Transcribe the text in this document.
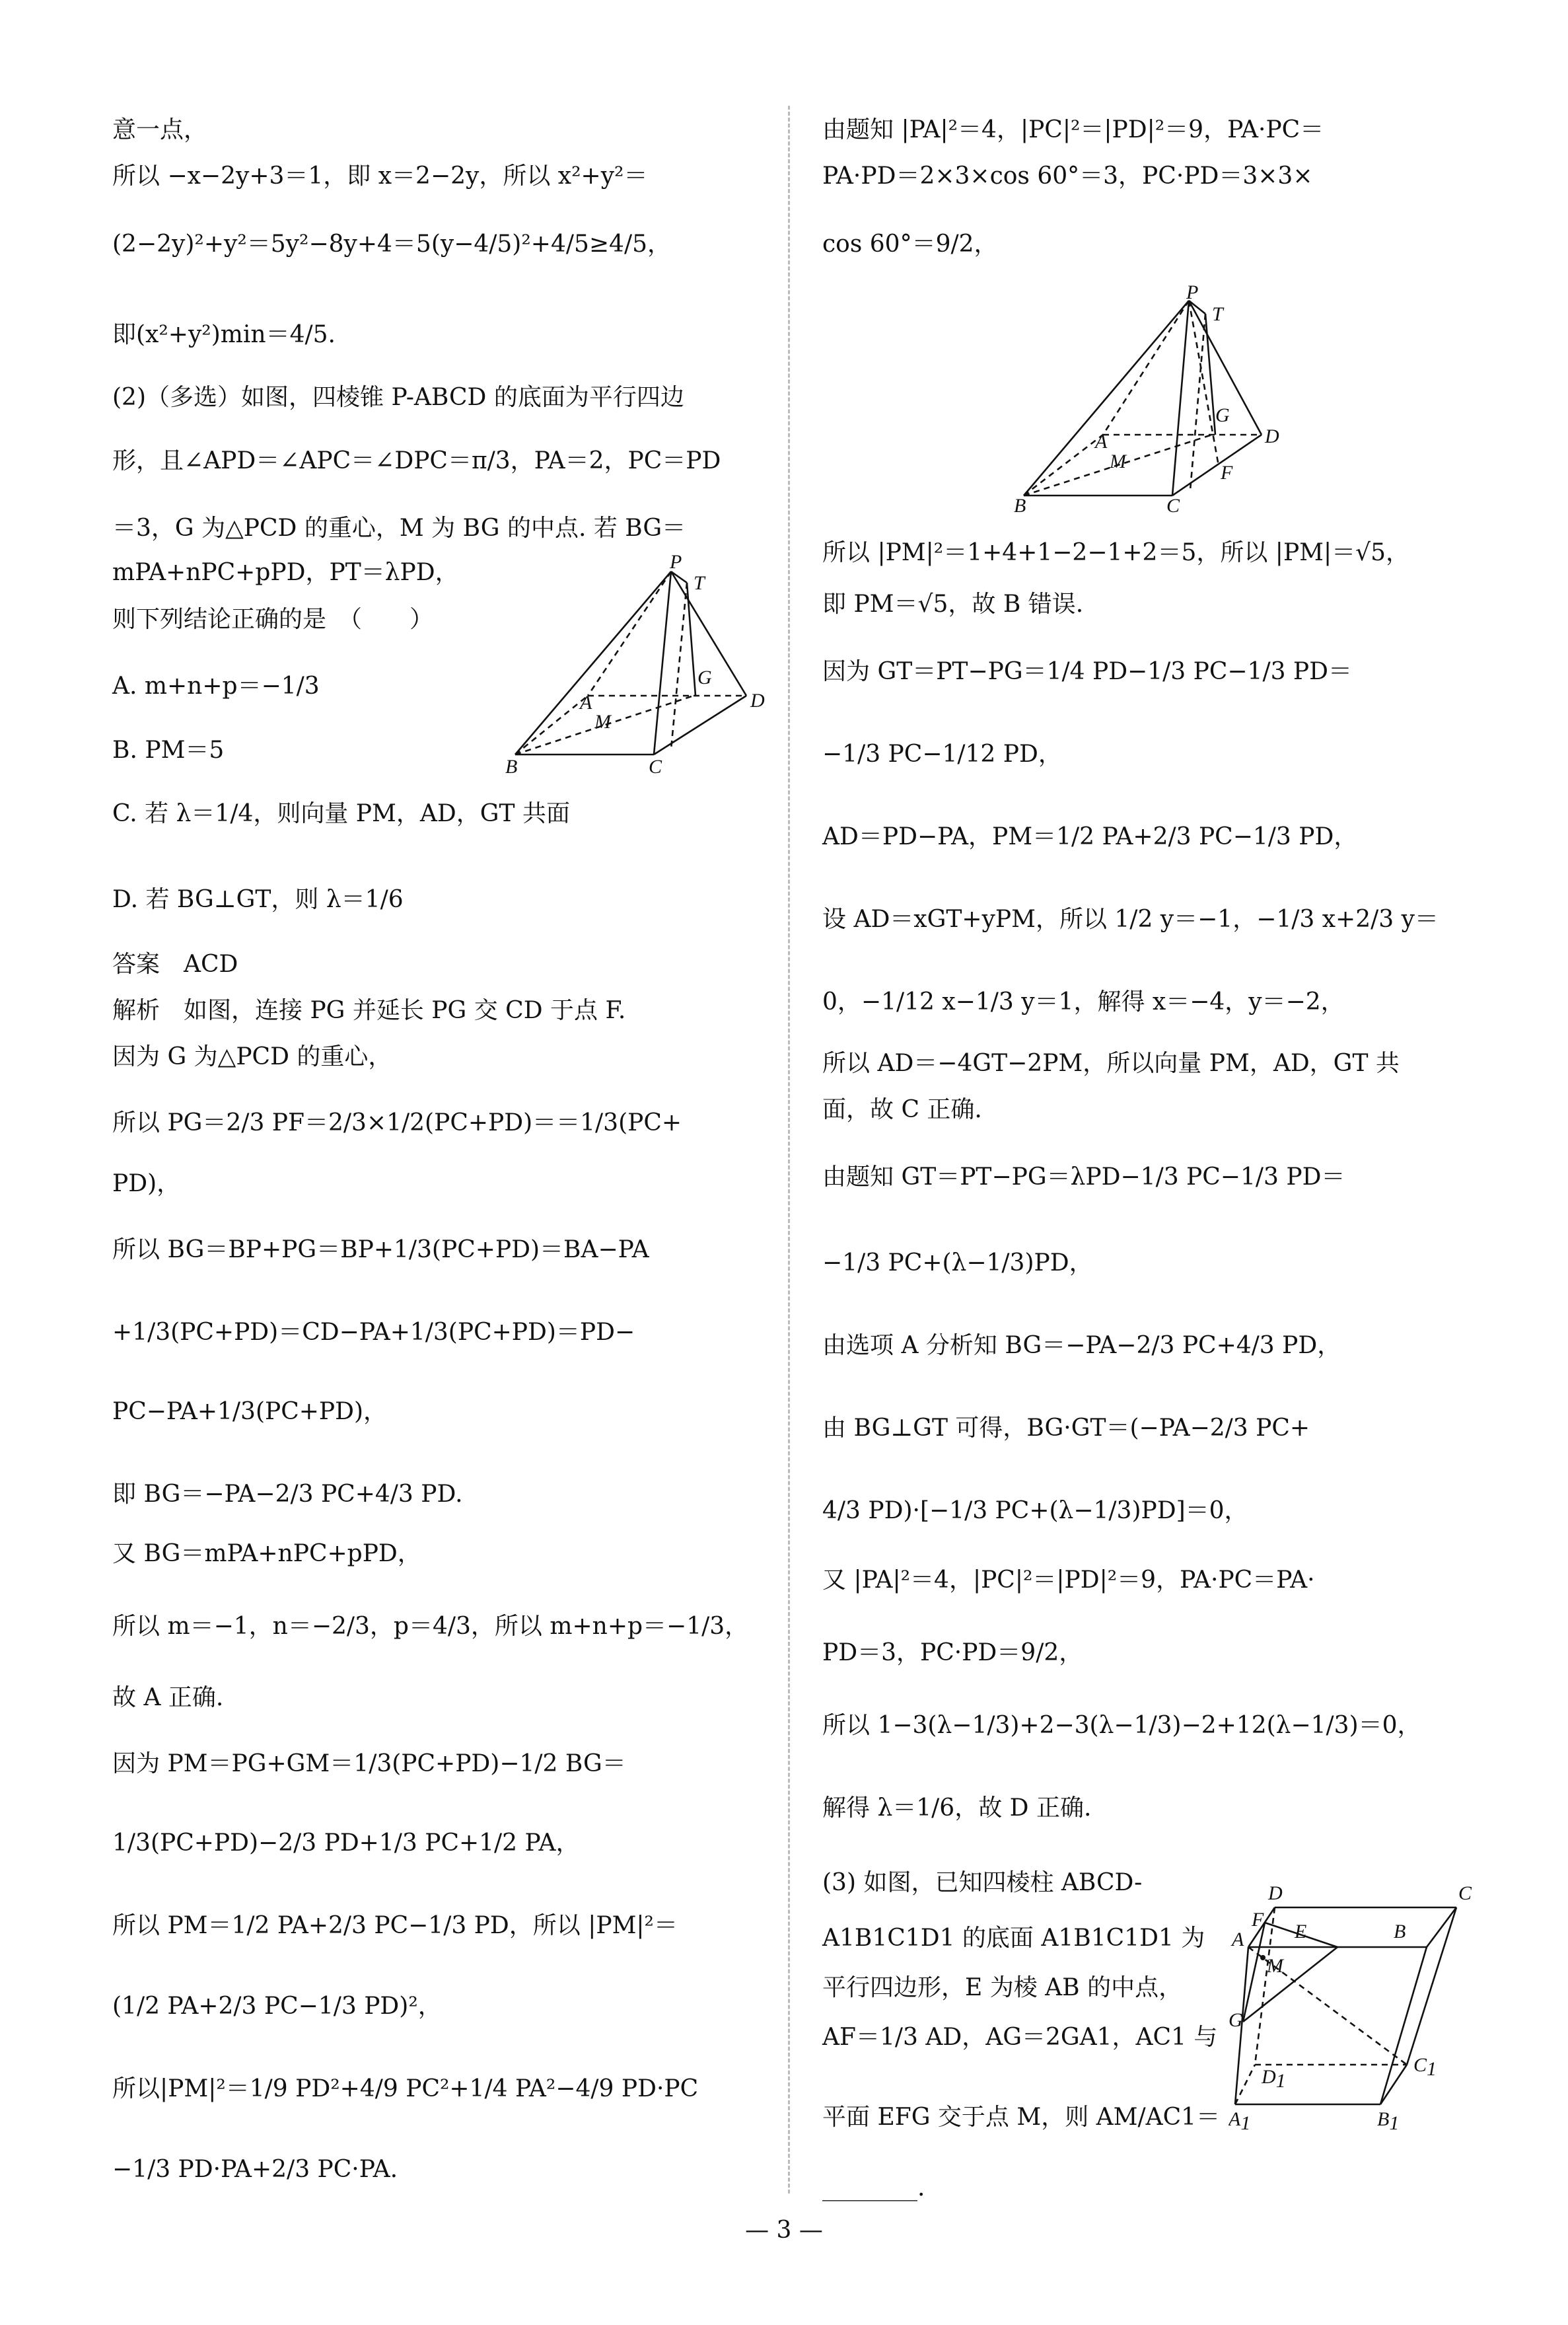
意一点，
所以 −x−2y+3＝1，即 x＝2−2y，所以 x²+y²＝
(2−2y)²+y²＝5y²−8y+4＝5(y−4/5)²+4/5≥4/5，
即(x²+y²)min＝4/5.
(2)（多选）如图，四棱锥 P-ABCD 的底面为平行四边
形，且∠APD＝∠APC＝∠DPC＝π/3，PA＝2，PC＝PD
＝3，G 为△PCD 的重心，M 为 BG 的中点. 若 BG＝
mPA+nPC+pPD，PT＝λPD，
则下列结论正确的是　（　　）
A. m+n+p＝−1/3
B. PM＝5
C. 若 λ＝1/4，则向量 PM，AD，GT 共面
D. 若 BG⊥GT，则 λ＝1/6
答案　ACD
解析　如图，连接 PG 并延长 PG 交 CD 于点 F.
因为 G 为△PCD 的重心，
所以 PG＝2/3 PF＝2/3×1/2(PC+PD)＝＝1/3(PC+
PD)，
所以 BG＝BP+PG＝BP+1/3(PC+PD)＝BA−PA
+1/3(PC+PD)＝CD−PA+1/3(PC+PD)＝PD−
PC−PA+1/3(PC+PD)，
即 BG＝−PA−2/3 PC+4/3 PD.
又 BG＝mPA+nPC+pPD，
所以 m＝−1，n＝−2/3，p＝4/3，所以 m+n+p＝−1/3，
故 A 正确.
因为 PM＝PG+GM＝1/3(PC+PD)−1/2 BG＝
1/3(PC+PD)−2/3 PD+1/3 PC+1/2 PA，
所以 PM＝1/2 PA+2/3 PC−1/3 PD，所以 |PM|²＝
(1/2 PA+2/3 PC−1/3 PD)²，
所以|PM|²＝1/9 PD²+4/9 PC²+1/4 PA²−4/9 PD·PC
−1/3 PD·PA+2/3 PC·PA.
由题知 |PA|²＝4，|PC|²＝|PD|²＝9，PA·PC＝
PA·PD＝2×3×cos 60°＝3，PC·PD＝3×3×
cos 60°＝9/2，
所以 |PM|²＝1+4+1−2−1+2＝5，所以 |PM|＝√5，
即 PM＝√5，故 B 错误.
因为 GT＝PT−PG＝1/4 PD−1/3 PC−1/3 PD＝
−1/3 PC−1/12 PD，
AD＝PD−PA，PM＝1/2 PA+2/3 PC−1/3 PD，
设 AD＝xGT+yPM，所以 1/2 y＝−1，−1/3 x+2/3 y＝
0，−1/12 x−1/3 y＝1，解得 x＝−4，y＝−2，
所以 AD＝−4GT−2PM，所以向量 PM，AD，GT 共
面，故 C 正确.
由题知 GT＝PT−PG＝λPD−1/3 PC−1/3 PD＝
−1/3 PC+(λ−1/3)PD，
由选项 A 分析知 BG＝−PA−2/3 PC+4/3 PD，
由 BG⊥GT 可得，BG·GT＝(−PA−2/3 PC+
4/3 PD)·[−1/3 PC+(λ−1/3)PD]＝0，
又 |PA|²＝4，|PC|²＝|PD|²＝9，PA·PC＝PA·
PD＝3，PC·PD＝9/2，
所以 1−3(λ−1/3)+2−3(λ−1/3)−2+12(λ−1/3)＝0，
解得 λ＝1/6，故 D 正确.
(3) 如图，已知四棱柱 ABCD-
A1B1C1D1 的底面 A1B1C1D1 为
平行四边形，E 为棱 AB 的中点，
AF＝1/3 AD，AG＝2GA1，AC1 与
平面 EFG 交于点 M，则 AM/AC1＝
________.
P
T
G
A
M
D
B	C
P
T
G
A
M
D
B	C
F
D	C
F
E
A	B
M
G
D1
C1
A1	B1
— 3 —
